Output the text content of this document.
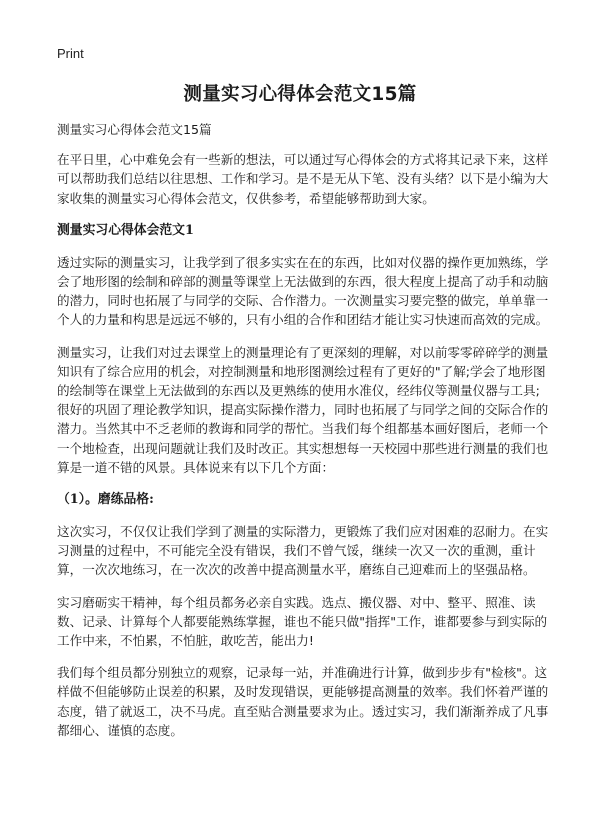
Print
测量实习心得体会范文15篇

测量实习心得体会范文15篇

在平日里，心中难免会有一些新的想法，可以通过写心得体会的方式将其记录下来，这样可以帮助我们总结以往思想、工作和学习。是不是无从下笔、没有头绪？以下是小编为大家收集的测量实习心得体会范文，仅供参考，希望能够帮助到大家。

测量实习心得体会范文1

透过实际的测量实习，让我学到了很多实实在在的东西，比如对仪器的操作更加熟练，学会了地形图的绘制和碎部的测量等课堂上无法做到的东西，很大程度上提高了动手和动脑的潜力，同时也拓展了与同学的交际、合作潜力。一次测量实习要完整的做完，单单靠一个人的力量和构思是远远不够的，只有小组的合作和团结才能让实习快速而高效的完成。

测量实习，让我们对过去课堂上的测量理论有了更深刻的理解，对以前零零碎碎学的测量知识有了综合应用的机会，对控制测量和地形图测绘过程有了更好的"了解;学会了地形图的绘制等在课堂上无法做到的东西以及更熟练的使用水准仪，经纬仪等测量仪器与工具;很好的巩固了理论教学知识，提高实际操作潜力，同时也拓展了与同学之间的交际合作的潜力。当然其中不乏老师的教诲和同学的帮忙。当我们每个组都基本画好图后，老师一个一个地检查，出现问题就让我们及时改正。其实想想每一天校园中那些进行测量的我们也算是一道不错的风景。具体说来有以下几个方面：

（1）。磨练品格:

这次实习，不仅仅让我们学到了测量的实际潜力，更锻炼了我们应对困难的忍耐力。在实习测量的过程中，不可能完全没有错误，我们不曾气馁，继续一次又一次的重测，重计算，一次次地练习，在一次次的改善中提高测量水平，磨练自己迎难而上的坚强品格。

实习磨砺实干精神，每个组员都务必亲自实践。选点、搬仪器、对中、整平、照准、读数、记录、计算每个人都要能熟练掌握，谁也不能只做"指挥"工作，谁都要参与到实际的工作中来，不怕累，不怕脏，敢吃苦，能出力!

我们每个组员都分别独立的观察，记录每一站，并准确进行计算，做到步步有"检核"。这样做不但能够防止误差的积累，及时发现错误，更能够提高测量的效率。我们怀着严谨的态度，错了就返工，决不马虎。直至贴合测量要求为止。透过实习，我们渐渐养成了凡事都细心、谨慎的态度。
